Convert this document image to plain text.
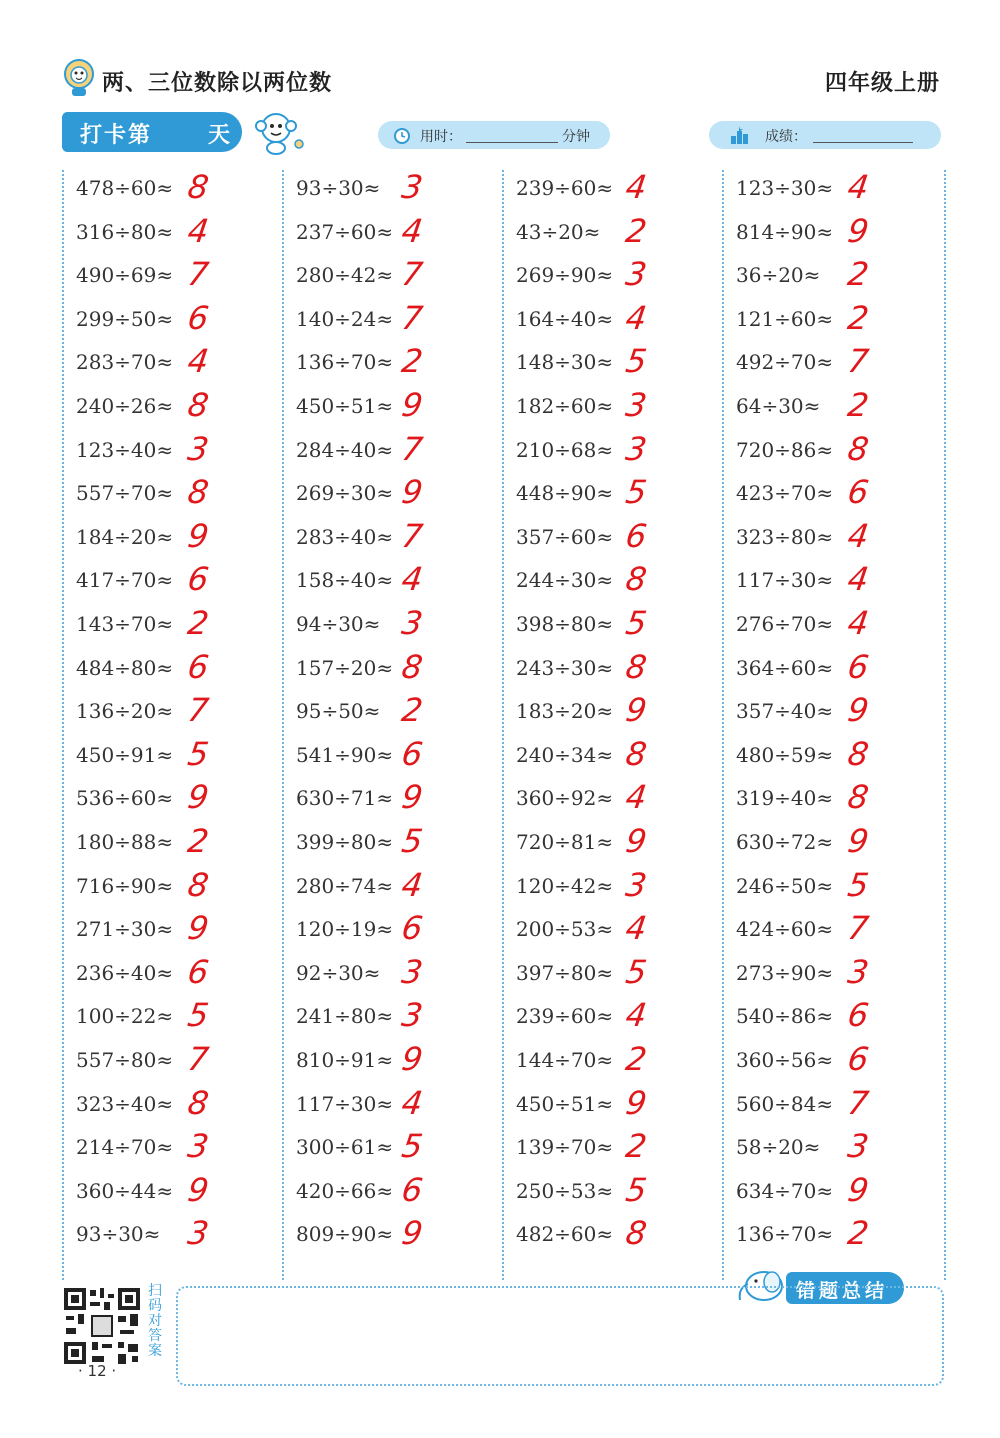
两、三位数除以两位数	四年级上册
打卡第	天	用时：	分钟	成绩：
478÷60≈ 8
316÷80≈ 4
490÷69≈ 7
299÷50≈ 6
283÷70≈ 4
240÷26≈ 8
123÷40≈ 3
557÷70≈ 8
184÷20≈ 9
417÷70≈ 6
143÷70≈ 2
484÷80≈ 6
136÷20≈ 7
450÷91≈ 5
536÷60≈ 9
180÷88≈ 2
716÷90≈ 8
271÷30≈ 9
236÷40≈ 6
100÷22≈ 5
557÷80≈ 7
323÷40≈ 8
214÷70≈ 3
360÷44≈ 9
93÷30≈ 3
93÷30≈ 3
237÷60≈ 4
280÷42≈ 7
140÷24≈ 7
136÷70≈ 2
450÷51≈ 9
284÷40≈ 7
269÷30≈ 9
283÷40≈ 7
158÷40≈ 4
94÷30≈ 3
157÷20≈ 8
95÷50≈ 2
541÷90≈ 6
630÷71≈ 9
399÷80≈ 5
280÷74≈ 4
120÷19≈ 6
92÷30≈ 3
241÷80≈ 3
810÷91≈ 9
117÷30≈ 4
300÷61≈ 5
420÷66≈ 6
809÷90≈ 9
239÷60≈ 4
43÷20≈ 2
269÷90≈ 3
164÷40≈ 4
148÷30≈ 5
182÷60≈ 3
210÷68≈ 3
448÷90≈ 5
357÷60≈ 6
244÷30≈ 8
398÷80≈ 5
243÷30≈ 8
183÷20≈ 9
240÷34≈ 8
360÷92≈ 4
720÷81≈ 9
120÷42≈ 3
200÷53≈ 4
397÷80≈ 5
239÷60≈ 4
144÷70≈ 2
450÷51≈ 9
139÷70≈ 2
250÷53≈ 5
482÷60≈ 8
123÷30≈ 4
814÷90≈ 9
36÷20≈ 2
121÷60≈ 2
492÷70≈ 7
64÷30≈ 2
720÷86≈ 8
423÷70≈ 6
323÷80≈ 4
117÷30≈ 4
276÷70≈ 4
364÷60≈ 6
357÷40≈ 9
480÷59≈ 8
319÷40≈ 8
630÷72≈ 9
246÷50≈ 5
424÷60≈ 7
273÷90≈ 3
540÷86≈ 6
360÷56≈ 6
560÷84≈ 7
58÷20≈ 3
634÷70≈ 9
136÷70≈ 2
错题总结
扫码对答案
· 12 ·
